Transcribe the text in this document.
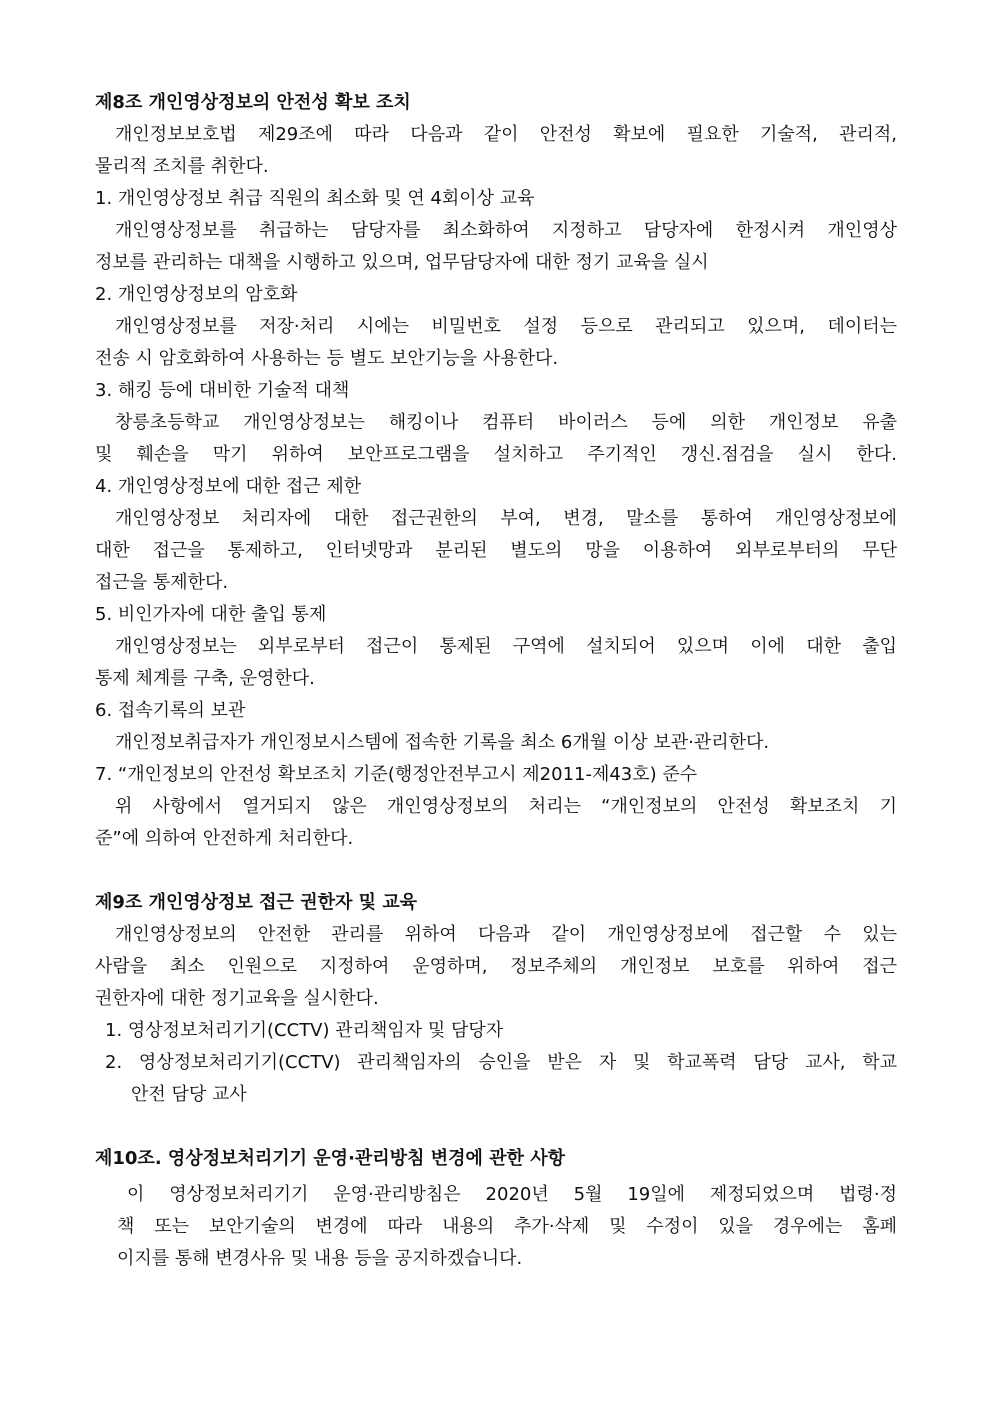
제8조 개인영상정보의 안전성 확보 조치
개인정보보호법 제29조에 따라 다음과 같이 안전성 확보에 필요한 기술적, 관리적,
물리적 조치를 취한다.
1. 개인영상정보 취급 직원의 최소화 및 연 4회이상 교육
개인영상정보를 취급하는 담당자를 최소화하여 지정하고 담당자에 한정시켜 개인영상
정보를 관리하는 대책을 시행하고 있으며, 업무담당자에 대한 정기 교육을 실시
2. 개인영상정보의 암호화
개인영상정보를 저장·처리 시에는 비밀번호 설정 등으로 관리되고 있으며, 데이터는
전송 시 암호화하여 사용하는 등 별도 보안기능을 사용한다.
3. 해킹 등에 대비한 기술적 대책
창릉초등학교 개인영상정보는 해킹이나 컴퓨터 바이러스 등에 의한 개인정보 유출
및 훼손을 막기 위하여 보안프로그램을 설치하고 주기적인 갱신.점검을 실시 한다.
4. 개인영상정보에 대한 접근 제한
개인영상정보 처리자에 대한 접근권한의 부여, 변경, 말소를 통하여 개인영상정보에
대한 접근을 통제하고, 인터넷망과 분리된 별도의 망을 이용하여 외부로부터의 무단
접근을 통제한다.
5. 비인가자에 대한 출입 통제
개인영상정보는 외부로부터 접근이 통제된 구역에 설치되어 있으며 이에 대한 출입
통제 체계를 구축, 운영한다.
6. 접속기록의 보관
개인정보취급자가 개인정보시스템에 접속한 기록을 최소 6개월 이상 보관·관리한다.
7. “개인정보의 안전성 확보조치 기준(행정안전부고시 제2011-제43호) 준수
위 사항에서 열거되지 않은 개인영상정보의 처리는 “개인정보의 안전성 확보조치 기
준”에 의하여 안전하게 처리한다.
제9조 개인영상정보 접근 권한자 및 교육
개인영상정보의 안전한 관리를 위하여 다음과 같이 개인영상정보에 접근할 수 있는
사람을 최소 인원으로 지정하여 운영하며, 정보주체의 개인정보 보호를 위하여 접근
권한자에 대한 정기교육을 실시한다.
1. 영상정보처리기기(CCTV) 관리책임자 및 담당자
2. 영상정보처리기기(CCTV) 관리책임자의 승인을 받은 자 및 학교폭력 담당 교사, 학교
안전 담당 교사
제10조. 영상정보처리기기 운영·관리방침 변경에 관한 사항
이 영상정보처리기기 운영·관리방침은 2020년 5월 19일에 제정되었으며 법령·정
책 또는 보안기술의 변경에 따라 내용의 추가·삭제 및 수정이 있을 경우에는 홈페
이지를 통해 변경사유 및 내용 등을 공지하겠습니다.
